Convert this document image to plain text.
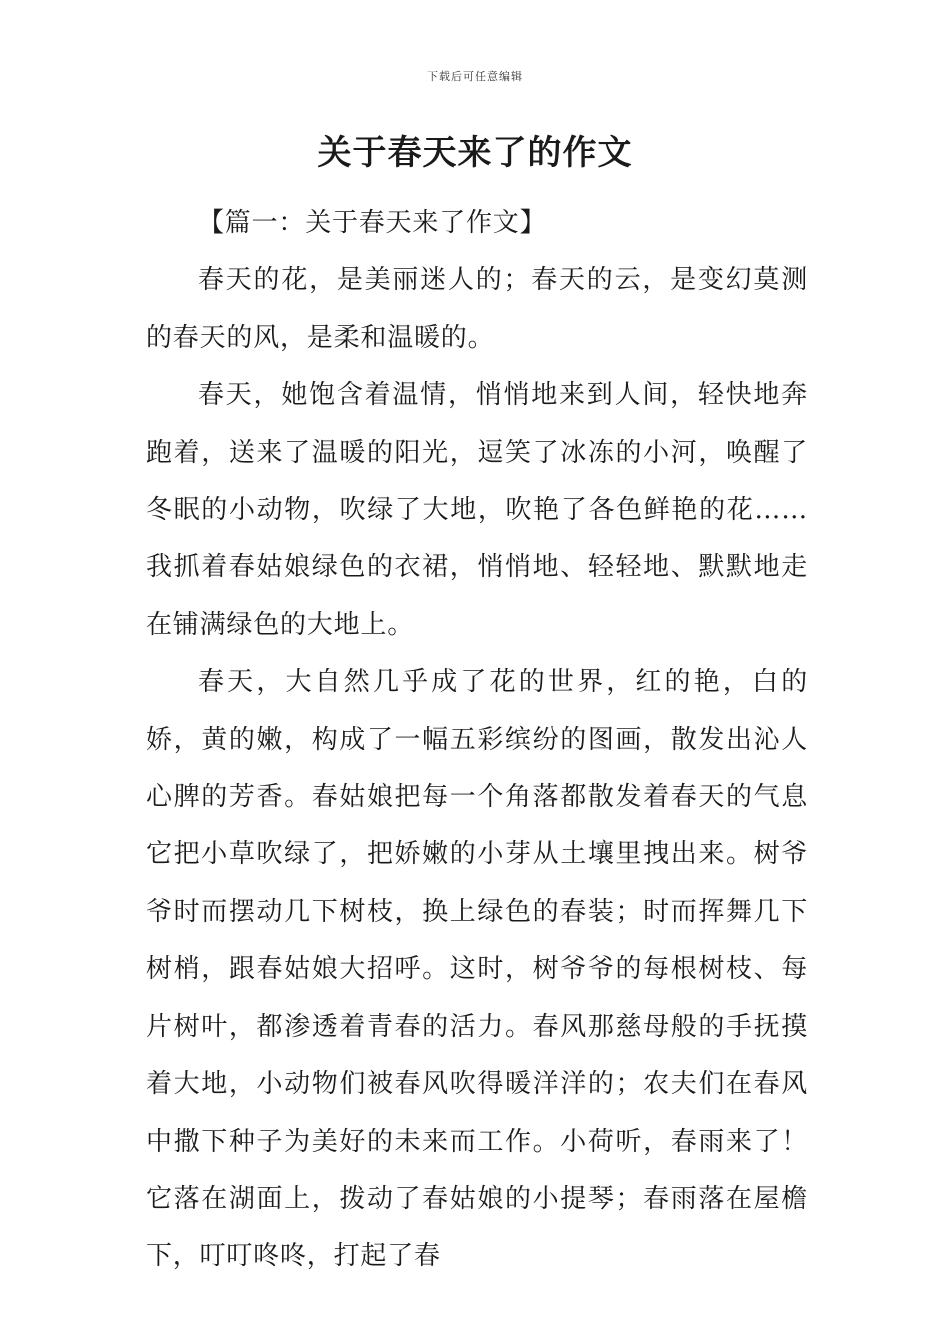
下载后可任意编辑
关于春天来了的作文

【篇一：关于春天来了作文】

春天的花，是美丽迷人的；春天的云，是变幻莫测的春天的风，是柔和温暖的。

春天，她饱含着温情，悄悄地来到人间，轻快地奔跑着，送来了温暖的阳光，逗笑了冰冻的小河，唤醒了冬眠的小动物，吹绿了大地，吹艳了各色鲜艳的花……我抓着春姑娘绿色的衣裙，悄悄地、轻轻地、默默地走在铺满绿色的大地上。

春天，大自然几乎成了花的世界，红的艳，白的娇，黄的嫩，构成了一幅五彩缤纷的图画，散发出沁人心脾的芳香。春姑娘把每一个角落都散发着春天的气息它把小草吹绿了，把娇嫩的小芽从土壤里拽出来。树爷爷时而摆动几下树枝，换上绿色的春装；时而挥舞几下树梢，跟春姑娘大招呼。这时，树爷爷的每根树枝、每片树叶，都渗透着青春的活力。春风那慈母般的手抚摸着大地，小动物们被春风吹得暖洋洋的；农夫们在春风中撒下种子为美好的未来而工作。小荷听，春雨来了！它落在湖面上，拨动了春姑娘的小提琴；春雨落在屋檐下，叮叮咚咚，打起了春
